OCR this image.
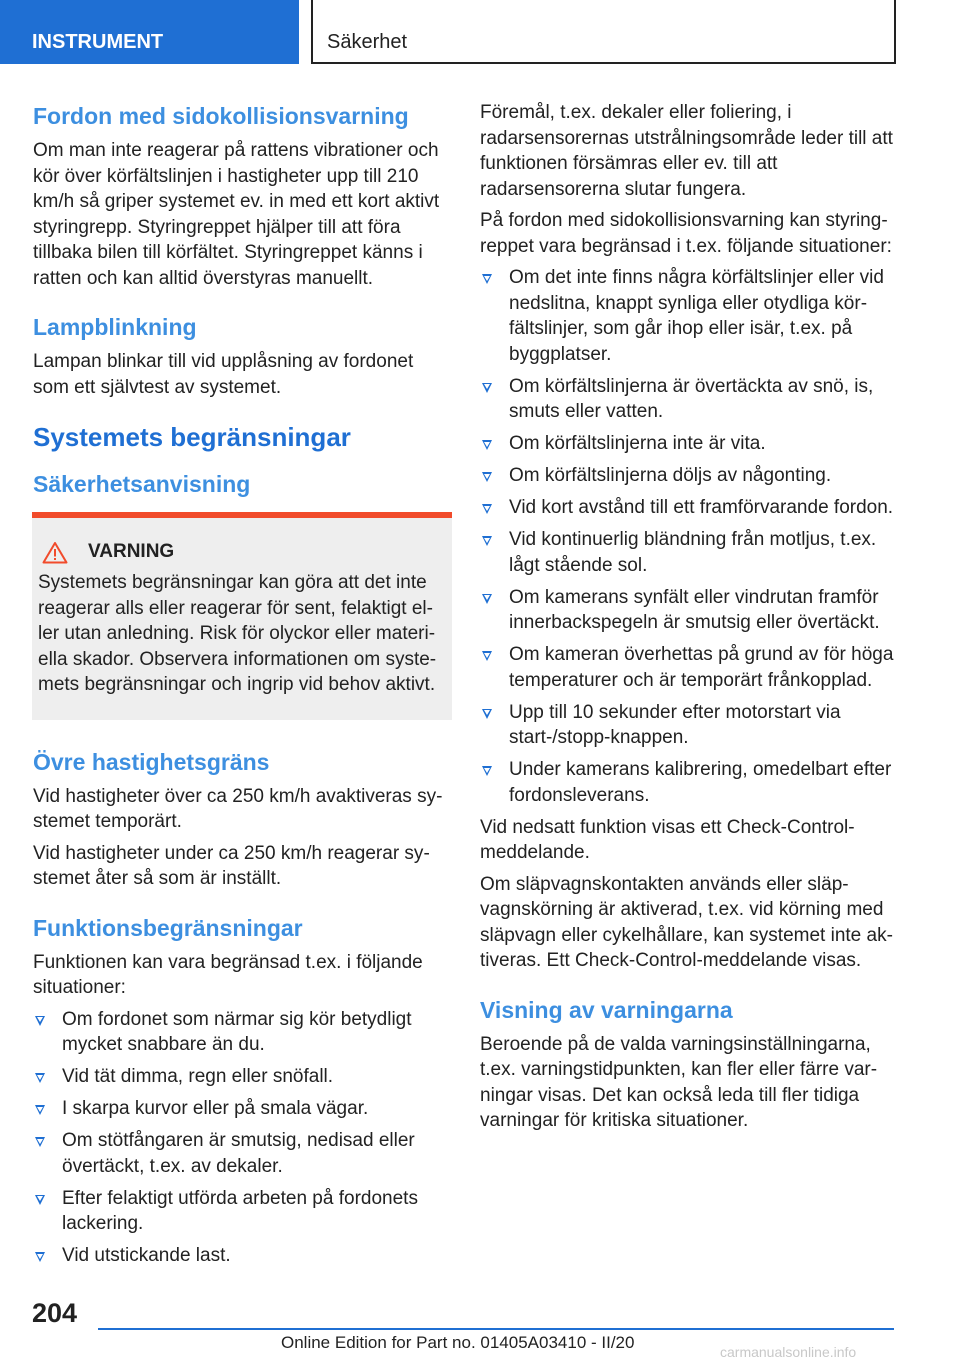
INSTRUMENT	Säkerhet
Fordon med sidokollisionsvarning

Om man inte reagerar på rattens vibrationer och kör över körfältslinjen i hastigheter upp till 210 km/h så griper systemet ev. in med ett kort aktivt styringrepp. Styringreppet hjälper till att föra tillbaka bilen till körfältet. Styringreppet känns i ratten och kan alltid överstyras manuellt.

Lampblinkning

Lampan blinkar till vid upplåsning av fordonet som ett självtest av systemet.

Systemets begränsningar
Säkerhetsanvisning
VARNING

Systemets begränsningar kan göra att det inte reagerar alls eller reagerar för sent, felaktigt eller utan anledning. Risk för olyckor eller materiella skador. Observera informationen om systemets begränsningar och ingrip vid behov aktivt.

Övre hastighetsgräns

Vid hastigheter över ca 250 km/h avaktiveras systemet temporärt.

Vid hastigheter under ca 250 km/h reagerar systemet åter så som är inställt.

Funktionsbegränsningar

Funktionen kan vara begränsad t.ex. i följande situationer:

Om fordonet som närmar sig kör betydligt mycket snabbare än du.
Vid tät dimma, regn eller snöfall.
I skarpa kurvor eller på smala vägar.
Om stötfångaren är smutsig, nedisad eller övertäckt, t.ex. av dekaler.
Efter felaktigt utförda arbeten på fordonets lackering.
Vid utstickande last.

Föremål, t.ex. dekaler eller foliering, i radarsensorernas utstrålningsområde leder till att funktionen försämras eller ev. till att radarsensorerna slutar fungera.

På fordon med sidokollisionsvarning kan styringreppet vara begränsad i t.ex. följande situationer:

Om det inte finns några körfältslinjer eller vid nedslitna, knappt synliga eller otydliga körfältslinjer, som går ihop eller isär, t.ex. på byggplatser.
Om körfältslinjerna är övertäckta av snö, is, smuts eller vatten.
Om körfältslinjerna inte är vita.
Om körfältslinjerna döljs av någonting.
Vid kort avstånd till ett framförvarande fordon.
Vid kontinuerlig bländning från motljus, t.ex. lågt stående sol.
Om kamerans synfält eller vindrutan framför innerbackspegeln är smutsig eller övertäckt.
Om kameran överhettas på grund av för höga temperaturer och är temporärt frånkopplad.
Upp till 10 sekunder efter motorstart via start-/stopp-knappen.
Under kamerans kalibrering, omedelbart efter fordonsleverans.

Vid nedsatt funktion visas ett Check-Control-meddelande.

Om släpvagnskontakten används eller släpvagnskörning är aktiverad, t.ex. vid körning med släpvagn eller cykelhållare, kan systemet inte aktiveras. Ett Check-Control-meddelande visas.

Visning av varningarna

Beroende på de valda varningsinställningarna, t.ex. varningstidpunkten, kan fler eller färre varningar visas. Det kan också leda till fler tidiga varningar för kritiska situationer.

204
Online Edition for Part no. 01405A03410 - II/20	carmanualsonline.info
